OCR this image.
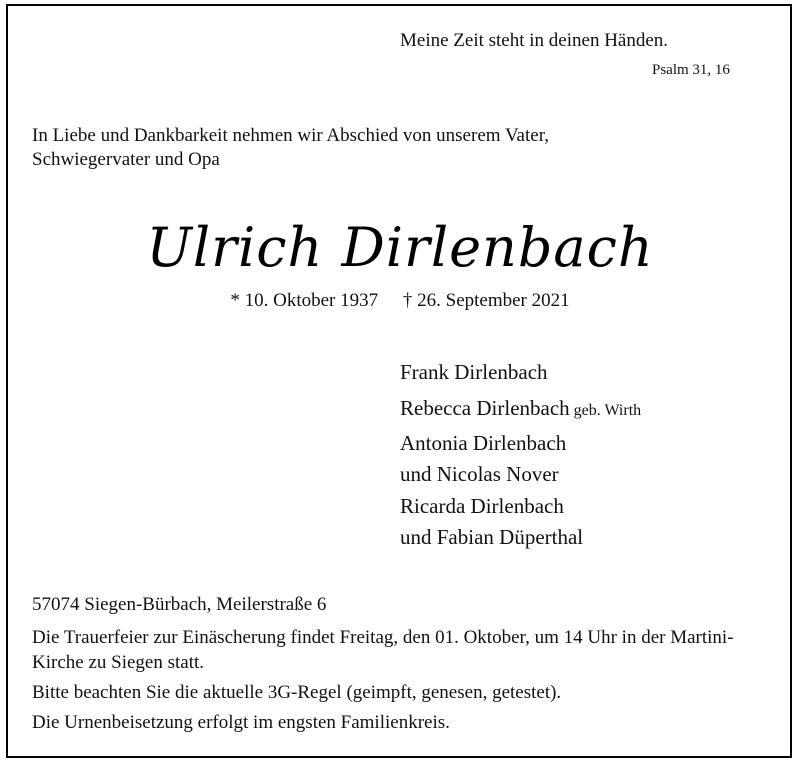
Meine Zeit steht in deinen Händen.
Psalm 31, 16
In Liebe und Dankbarkeit nehmen wir Abschied von unserem Vater,
Schwiegervater und Opa
Ulrich Dirlenbach
* 10. Oktober 1937 † 26. September 2021
Frank Dirlenbach
Rebecca Dirlenbach geb. Wirth
Antonia Dirlenbach
und Nicolas Nover
Ricarda Dirlenbach
und Fabian Düperthal
57074 Siegen-Bürbach, Meilerstraße 6
Die Trauerfeier zur Einäscherung findet Freitag, den 01. Oktober, um 14 Uhr in der Martini-Kirche zu Siegen statt.
Bitte beachten Sie die aktuelle 3G-Regel (geimpft, genesen, getestet).
Die Urnenbeisetzung erfolgt im engsten Familienkreis.
